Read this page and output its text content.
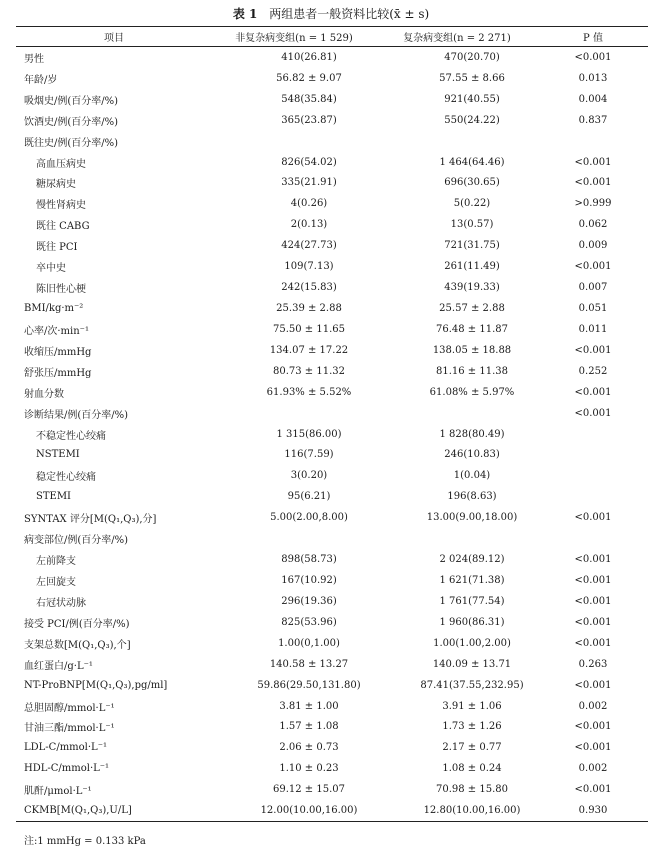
表 1 两组患者一般资料比较(x̄ ± s)
项目	非复杂病变组(n = 1 529)	复杂病变组(n = 2 271)	P 值
男性	410(26.81)	470(20.70)	<0.001
年龄/岁	56.82 ± 9.07	57.55 ± 8.66	0.013
吸烟史/例(百分率/%)	548(35.84)	921(40.55)	0.004
饮酒史/例(百分率/%)	365(23.87)	550(24.22)	0.837
既往史/例(百分率/%)			
高血压病史	826(54.02)	1 464(64.46)	<0.001
糖尿病史	335(21.91)	696(30.65)	<0.001
慢性肾病史	4(0.26)	5(0.22)	>0.999
既往 CABG	2(0.13)	13(0.57)	0.062
既往 PCI	424(27.73)	721(31.75)	0.009
卒中史	109(7.13)	261(11.49)	<0.001
陈旧性心梗	242(15.83)	439(19.33)	0.007
BMI/kg·m⁻²	25.39 ± 2.88	25.57 ± 2.88	0.051
心率/次·min⁻¹	75.50 ± 11.65	76.48 ± 11.87	0.011
收缩压/mmHg	134.07 ± 17.22	138.05 ± 18.88	<0.001
舒张压/mmHg	80.73 ± 11.32	81.16 ± 11.38	0.252
射血分数	61.93% ± 5.52%	61.08% ± 5.97%	<0.001
诊断结果/例(百分率/%)			<0.001
不稳定性心绞痛	1 315(86.00)	1 828(80.49)	
NSTEMI	116(7.59)	246(10.83)	
稳定性心绞痛	3(0.20)	1(0.04)	
STEMI	95(6.21)	196(8.63)	
SYNTAX 评分[M(Q₁,Q₃),分]	5.00(2.00,8.00)	13.00(9.00,18.00)	<0.001
病变部位/例(百分率/%)			
左前降支	898(58.73)	2 024(89.12)	<0.001
左回旋支	167(10.92)	1 621(71.38)	<0.001
右冠状动脉	296(19.36)	1 761(77.54)	<0.001
接受 PCI/例(百分率/%)	825(53.96)	1 960(86.31)	<0.001
支架总数[M(Q₁,Q₃),个]	1.00(0,1.00)	1.00(1.00,2.00)	<0.001
血红蛋白/g·L⁻¹	140.58 ± 13.27	140.09 ± 13.71	0.263
NT-ProBNP[M(Q₁,Q₃),pg/ml]	59.86(29.50,131.80)	87.41(37.55,232.95)	<0.001
总胆固醇/mmol·L⁻¹	3.81 ± 1.00	3.91 ± 1.06	0.002
甘油三酯/mmol·L⁻¹	1.57 ± 1.08	1.73 ± 1.26	<0.001
LDL-C/mmol·L⁻¹	2.06 ± 0.73	2.17 ± 0.77	<0.001
HDL-C/mmol·L⁻¹	1.10 ± 0.23	1.08 ± 0.24	0.002
肌酐/μmol·L⁻¹	69.12 ± 15.07	70.98 ± 15.80	<0.001
CKMB[M(Q₁,Q₃),U/L]	12.00(10.00,16.00)	12.80(10.00,16.00)	0.930
注:1 mmHg = 0.133 kPa
